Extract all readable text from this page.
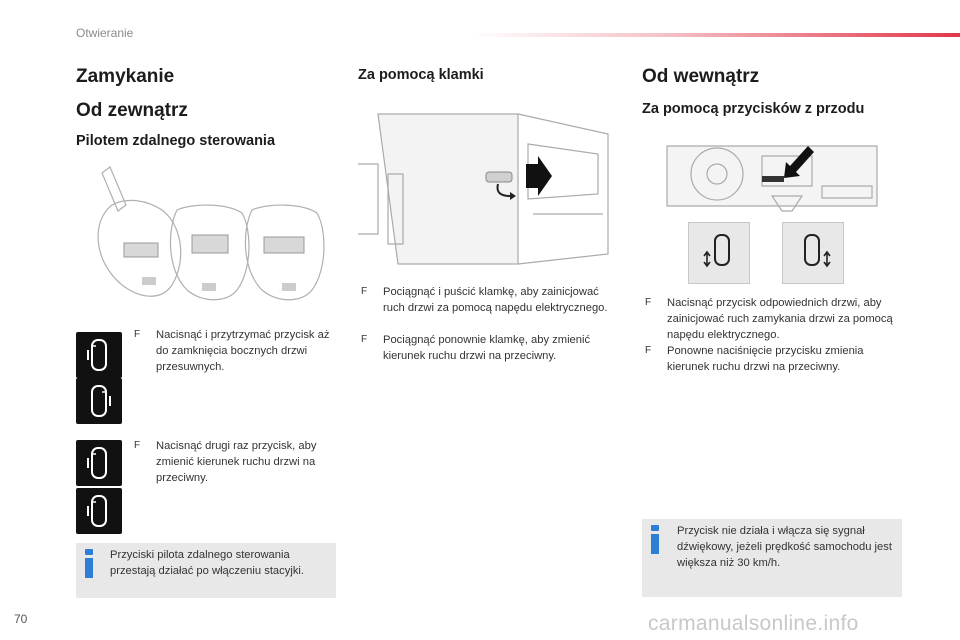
Otwieranie
Zamykanie
Od zewnątrz
Pilotem zdalnego sterowania
F	Nacisnąć i przytrzymać przycisk aż do zamknięcia bocznych drzwi przesuwnych.
F	Nacisnąć drugi raz przycisk, aby zmienić kierunek ruchu drzwi na przeciwny.
Przyciski pilota zdalnego sterowania przestają działać po włączeniu stacyjki.
Za pomocą klamki
F	Pociągnąć i puścić klamkę, aby zainicjować ruch drzwi za pomocą napędu elektrycznego.
F	Pociągnąć ponownie klamkę, aby zmienić kierunek ruchu drzwi na przeciwny.
Od wewnątrz
Za pomocą przycisków z przodu
F	Nacisnąć przycisk odpowiednich drzwi, aby zainicjować ruch zamykania drzwi za pomocą napędu elektrycznego.
F	Ponowne naciśnięcie przycisku zmienia kierunek ruchu drzwi na przeciwny.
Przycisk nie działa i włącza się sygnał dźwiękowy, jeżeli prędkość samochodu jest większa niż 30 km/h.
70	carmanualsonline.info
